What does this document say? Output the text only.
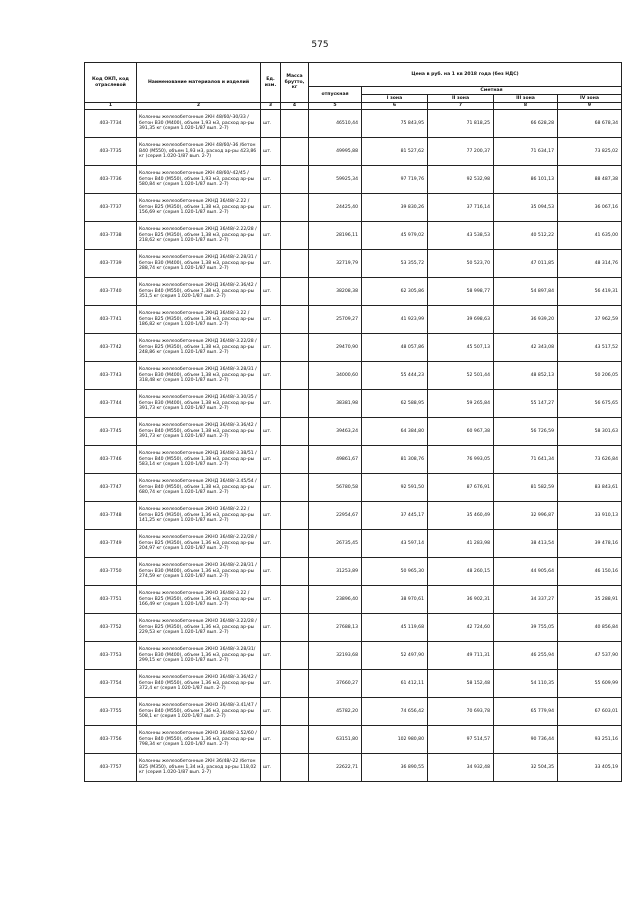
575
Код ОКП, код отраслевой	Наименование материалов и изделий	Ед. изм.	Масса брутто, кг	Цена в руб. на 1 кв 2018 года (без НДС)				
				отпускная	Сметная			
					I зона	II зона	III зона	IV зона
1	2	3	4	5	6	7	8	9
403-7734	Колонны железобетонные 2КН 48/60/-30/33 /бетон В30 (М400), объем 1,93 м3, расход ар-ры 391,35 кг (серия 1.020-1/87 вып. 2-7)	шт.		46510,44	75 843,95	71 818,25	66 628,28	68 678,34
403-7735	Колонны железобетонные 2КН 48/60/-36 /бетон В40 (М550), объем 1,93 м3, расход ар-ры 423,86 кг (серия 1.020-1/87 вып. 2-7)	шт.		49995,88	81 527,62	77 200,37	71 634,17	73 825,02
403-7736	Колонны железобетонные 2КН 48/60/-42/45 /бетон В40 (М550), объем 1,93 м3, расход ар-ры 580,84 кг (серия 1.020-1/87 вып. 2-7)	шт.		59925,34	97 719,76	92 532,98	86 101,13	88 487,38
403-7737	Колонны железобетонные 2КНД 36/48/-2.22 /бетон В25 (М350), объем 1,38 м3, расход ар-ры 156,69 кг (серия 1.020-1/87 вып. 2-7)	шт.		24425,40	39 830,26	37 716,14	35 094,53	36 067,16
403-7738	Колонны железобетонные 2КНД 36/48/-2.22/28 /бетон В25 (М350), объем 1,38 м3, расход ар-ры 218,62 кг (серия 1.020-1/87 вып. 2-7)	шт.		28196,11	45 979,02	43 538,53	40 512,22	41 635,00
403-7739	Колонны железобетонные 2КНД 36/48/-2.28/31 /бетон В30 (М400), объем 1,38 м3, расход ар-ры 288,74 кг (серия 1.020-1/87 вып. 2-7)	шт.		32719,79	53 355,72	50 523,70	47 011,85	48 314,76
403-7740	Колонны железобетонные 2КНД 36/48/-2.36/42 /бетон В40 (М550), объем 1,38 м3, расход ар-ры 351,5 кг (серия 1.020-1/87 вып. 2-7)	шт.		38208,38	62 305,86	58 998,77	54 897,84	56 419,31
403-7741	Колонны железобетонные 2КНД 36/48/-3.22 /бетон В25 (М350), объем 1,38 м3, расход ар-ры 186,82 кг (серия 1.020-1/87 вып. 2-7)	шт.		25709,27	41 923,99	39 698,63	36 939,20	37 962,59
403-7742	Колонны железобетонные 2КНД 36/48/-3.22/28 /бетон В25 (М350), объем 1,38 м3, расход ар-ры 248,86 кг (серия 1.020-1/87 вып. 2-7)	шт.		29470,90	48 057,86	45 507,13	42 343,08	43 517,52
403-7743	Колонны железобетонные 2КНД 36/48/-3.28/31 /бетон В30 (М400), объем 1,38 м3, расход ар-ры 318,48 кг (серия 1.020-1/87 вып. 2-7)	шт.		34000,60	55 444,23	52 501,44	48 852,13	50 206,05
403-7744	Колонны железобетонные 2КНД 36/48/-3.30/35 /бетон В30 (М400), объем 1,38 м3, расход ар-ры 391,73 кг (серия 1.020-1/87 вып. 2-7)	шт.		38381,98	62 588,95	59 265,84	55 147,27	56 675,65
403-7745	Колонны железобетонные 2КНД 36/48/-3.36/42 /бетон В40 (М550), объем 1,38 м3, расход ар-ры 391,73 кг (серия 1.020-1/87 вып. 2-7)	шт.		39463,24	64 384,80	60 967,38	56 726,59	58 301,63
403-7746	Колонны железобетонные 2КНД 36/48/-3.38/51 /бетон В40 (М550), объем 1,38 м3, расход ар-ры 583,14 кг (серия 1.020-1/87 вып. 2-7)	шт.		49861,67	81 308,76	76 993,05	71 641,34	73 626,84
403-7747	Колонны железобетонные 2КНД 36/48/-3.45/54 /бетон В40 (М550), объем 1,38 м3, расход ар-ры 680,74 кг (серия 1.020-1/87 вып. 2-7)	шт.		56780,58	92 591,50	87 676,91	81 582,59	83 843,61
403-7748	Колонны железобетонные 2КНО 36/48/-2.22 /бетон В25 (М350), объем 1,36 м3, расход ар-ры 141,25 кг (серия 1.020-1/87 вып. 2-7)	шт.		22954,67	37 445,17	35 460,49	32 996,87	33 910,13
403-7749	Колонны железобетонные 2КНО 36/48/-2.22/28 /бетон В25 (М350), объем 1,36 м3, расход ар-ры 204,97 кг (серия 1.020-1/87 вып. 2-7)	шт.		26735,45	43 597,14	41 283,98	38 413,54	39 478,16
403-7750	Колонны железобетонные 2КНО 36/48/-2.28/31 /бетон В30 (М400), объем 1,36 м3, расход ар-ры 274,59 кг (серия 1.020-1/87 вып. 2-7)	шт.		31253,89	50 965,30	48 260,15	44 905,64	46 150,16
403-7751	Колонны железобетонные 2КНО 36/48/-3.22 /бетон В25 (М350), объем 1,36 м3, расход ар-ры 166,49 кг (серия 1.020-1/87 вып. 2-7)	шт.		23896,40	38 970,61	36 902,31	34 337,27	35 288,91
403-7752	Колонны железобетонные 2КНО 36/48/-3.22/28 /бетон В25 (М350), объем 1,36 м3, расход ар-ры 229,53 кг (серия 1.020-1/87 вып. 2-7)	шт.		27688,13	45 119,68	42 724,60	39 755,05	40 856,84
403-7753	Колонны железобетонные 2КНО 36/48/-3.28/31/бетон В30 (М400), объем 1,36 м3, расход ар-ры 299,15 кг (серия 1.020-1/87 вып. 2-7)	шт.		32193,68	52 497,90	49 711,31	46 255,94	47 537,90
403-7754	Колонны железобетонные 2КНО 36/48/-3.36/42 /бетон В40 (М550), объем 1,36 м3, расход ар-ры 372,4 кг (серия 1.020-1/87 вып. 2-7)	шт.		37660,27	61 412,11	58 152,48	54 110,35	55 609,99
403-7755	Колонны железобетонные 2КНО 36/48/-3.41/47 /бетон В40 (М550), объем 1,36 м3, расход ар-ры 508,1 кг (серия 1.020-1/87 вып. 2-7)	шт.		45782,20	74 656,42	70 693,78	65 779,94	67 603,01
403-7756	Колонны железобетонные 2КНО 36/48/-3.52/60 /бетон В40 (М550), объем 1,36 м3, расход ар-ры 798,34 кг (серия 1.020-1/87 вып. 2-7)	шт.		63151,80	102 980,80	97 514,57	90 736,44	93 251,16
403-7757	Колонны железобетонные 2КН 36/48/-22 /бетон В25 (М350), объем 1,34 м3, расход ар-ры 118,02 кг (серия 1.020-1/87 вып. 2-7)	шт.		22622,71	36 890,55	34 932,48	32 504,35	33 405,19
